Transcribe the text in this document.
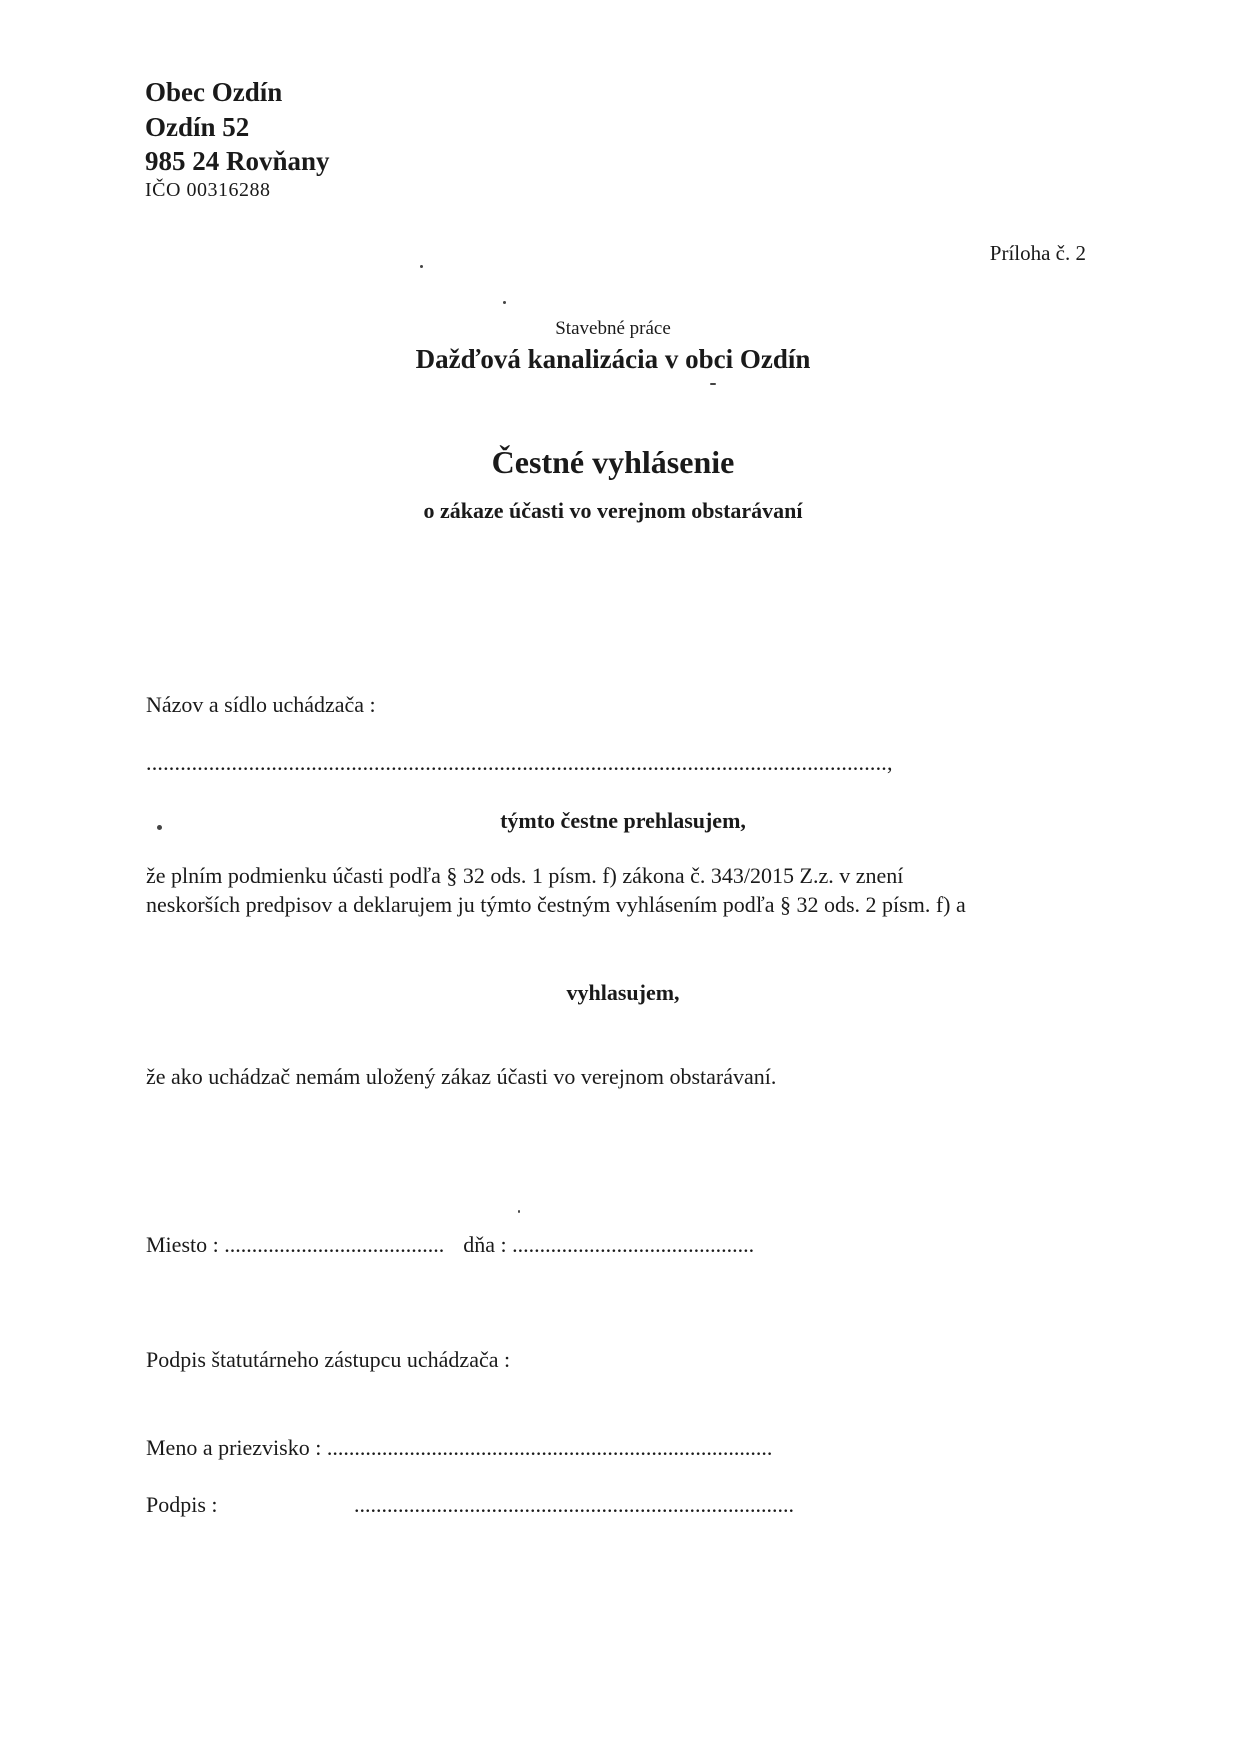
Obec Ozdín
Ozdín 52
985 24 Rovňany
IČO 00316288
Príloha č. 2
Stavebné práce
Dažďová kanalizácia v obci Ozdín
Čestné vyhlásenie
o zákaze účasti vo verejnom obstarávaní
Názov a sídlo uchádzača :
..................................................................................................................................,
týmto čestne prehlasujem,
že plním podmienku účasti podľa § 32 ods. 1 písm. f) zákona č. 343/2015 Z.z. v znení
neskorších predpisov a deklarujem ju týmto čestným vyhlásením podľa § 32 ods. 2 písm. f) a
vyhlasujem,
že ako uchádzač nemám uložený zákaz účasti vo verejnom obstarávaní.
Miesto : ........................................ dňa : ............................................
Podpis štatutárneho zástupcu uchádzača :
Meno a priezvisko : .................................................................................
Podpis :	................................................................................
